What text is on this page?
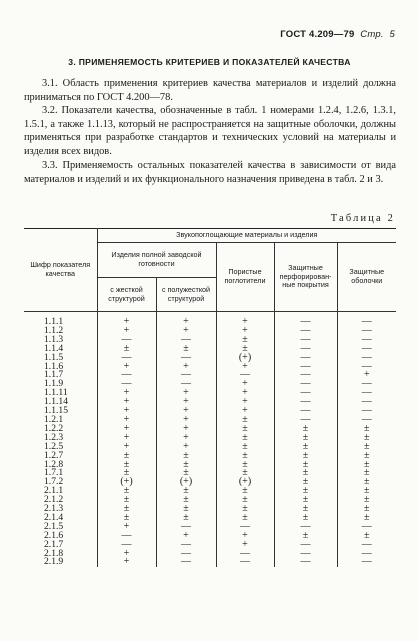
ГОСТ 4.209—79 Стр. 5
3. ПРИМЕНЯЕМОСТЬ КРИТЕРИЕВ И ПОКАЗАТЕЛЕЙ КАЧЕСТВА

3.1. Область применения критериев качества материалов и изделий должна приниматься по ГОСТ 4.200—78.

3.2. Показатели качества, обозначенные в табл. 1 номерами 1.2.4, 1.2.6, 1.3.1, 1.5.1, а также 1.1.13, который не распространяется на защитные оболочки, должны применяться при разработке стандартов и технических условий на материалы и изделия всех видов.

3.3. Применяемость остальных показателей качества в зависимости от вида материалов и изделий и их функционального назначения приведена в табл. 2 и 3.

Таблица 2
Шифр показателя качества	Звукопоглощающие материалы и изделия				
	Изделия полной заводской готовности		Пористые поглотители	Защитные перфорирован-ные покрытия	Защитные оболочки
	с жесткой структурой	с полужесткой структурой			
1.1.1	+	+	+	—	—
1.1.2	+	+	+	—	—
1.1.3	—	—	±	—	—
1.1.4	±	±	±	—	—
1.1.5	—	—	(+)	—	—
1.1.6	+	+	+	—	—
1.1.7	—	—	—	—	+
1.1.9	—	—	+	—	—
1.1.11	+	+	+	—	—
1.1.14	+	+	+	—	—
1.1.15	+	+	+	—	—
1.2.1	+	+	±	—	—
1.2.2	+	+	±	±	±
1.2.3	+	+	±	±	±
1.2.5	+	+	±	±	±
1.2.7	±	±	±	±	±
1.2.8	±	±	±	±	±
1.7.1	±	±	±	±	±
1.7.2	(+)	(+)	(+)	±	±
2.1.1	±	±	±	±	±
2.1.2	±	±	±	±	±
2.1.3	±	±	±	±	±
2.1.4	±	±	±	±	±
2.1.5	+	—	—	—	—
2.1.6	—	+	+	±	±
2.1.7	—	—	+	—	—
2.1.8	+	—	—	—	—
2.1.9	+	—	—	—	—
